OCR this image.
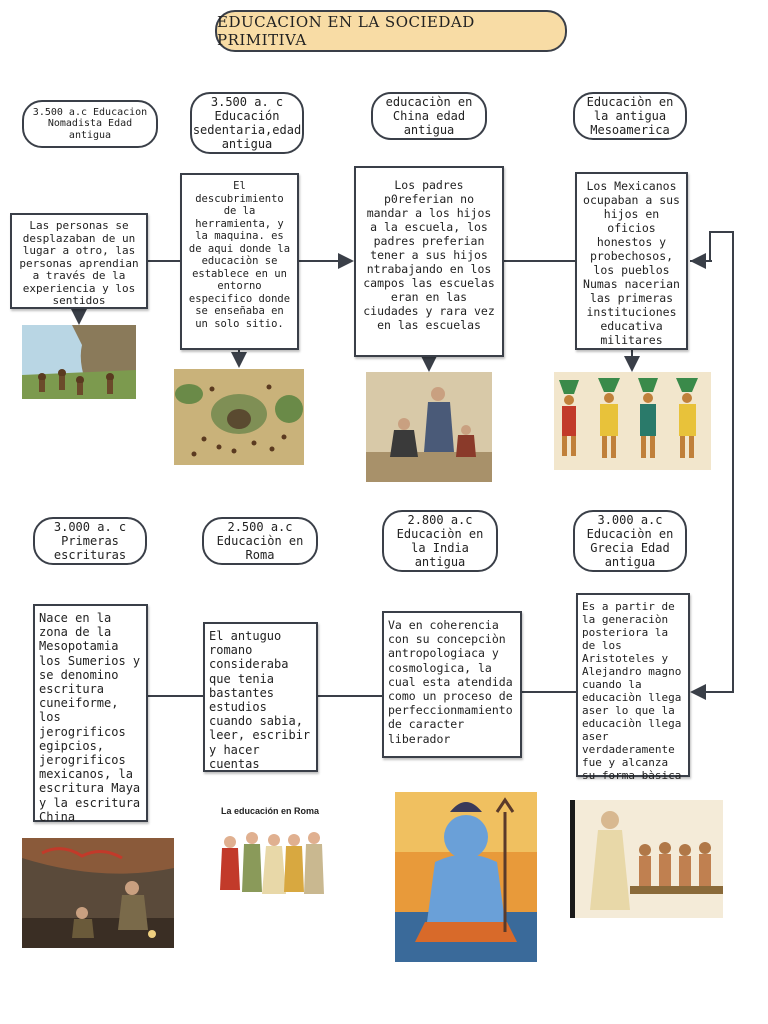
EDUCACION EN LA SOCIEDAD PRIMITIVA
3.500 a.c Educacion Nomadista Edad antigua
3.500 a. c Educación sedentaria,edad antigua
educaciòn en China edad antigua
Educaciòn en la antigua Mesoamerica
Las personas se desplazaban de un lugar a otro, las personas aprendian a través de la experiencia y los sentidos
El descubrimiento de la herramienta, y la maquina. es de aqui donde la educaciòn se establece en un entorno especifico donde se enseñaba en un solo sitio.
Los padres p0referian no mandar a los hijos a la escuela, los padres preferian tener a sus hijos ntrabajando en los campos las escuelas eran en las ciudades y rara vez en las escuelas
Los Mexicanos ocupaban a sus hijos en oficios honestos y probechosos, los pueblos Numas nacerian las primeras instituciones educativa militares
3.000 a. c Primeras escrituras
2.500 a.c Educaciòn en Roma
2.800 a.c Educaciòn en la India antigua
3.000 a.c Educaciòn en Grecia Edad antigua
Nace en la zona de la Mesopotamia los Sumerios y se denomino escritura cuneiforme, los jerogrificos egipcios, jerogrificos mexicanos, la escritura Maya y la escritura China
El antuguo romano consideraba que tenia bastantes estudios cuando sabia, leer, escribir y hacer cuentas
Va en coherencia con su concepciòn antropologiaca y cosmologica, la cual esta atendida como un proceso de perfeccionmamiento de caracter liberador
Es a partir de la generaciòn posteriora la de los Aristoteles y Alejandro magno cuando la educaciòn llega aser lo que la educaciòn llega aser verdaderamente fue y alcanza su forma bàsica
La educación en Roma
